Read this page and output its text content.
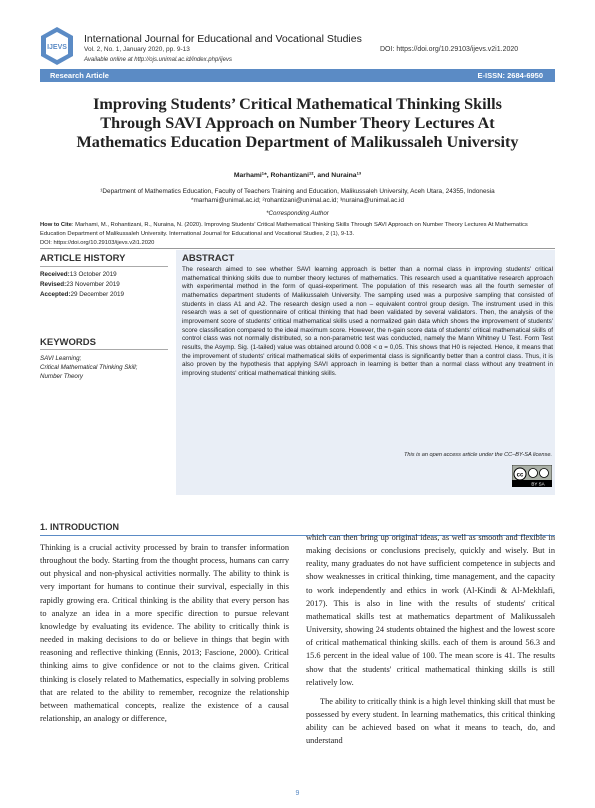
IJEVS
International Journal for Educational and Vocational Studies
Vol. 2, No. 1, January 2020, pp. 9-13
Available online at http://ojs.unimal.ac.id/index.php/ijevs
DOI: https://doi.org/10.29103/ijevs.v2i1.2020
Research Article	E-ISSN: 2684-6950
Improving Students’ Critical Mathematical Thinking Skills
Through SAVI Approach on Number Theory Lectures At
Mathematics Education Department of Malikussaleh University
Marhami¹*, Rohantizani¹², and Nuraina¹³
¹Department of Mathematics Education, Faculty of Teachers Training and Education, Malikussaleh University, Aceh Utara, 24355, Indonesia
*marhami@unimal.ac.id; ²rohantizani@unimal.ac.id; ³nuraina@unimal.ac.id
*Corresponding Author
How to Cite: Marhami, M., Rohantizani, R., Nuraina, N. (2020). Improving Students’ Critical Mathematical Thinking Skills Through SAVI Approach on Number Theory Lectures At Mathematics Education Department of Malikussaleh University. International Journal for Educational and Vocational Studies, 2 (1), 9-13.
DOI: https://doi.org/10.29103/ijevs.v2i1.2020
ARTICLE HISTORY
Received:13 October 2019
Revised:23 November 2019
Accepted:29 December 2019
KEYWORDS
SAVI Learning;
Critical Mathematical Thinking Skill;
Number Theory
ABSTRACT
The research aimed to see whether SAVI learning approach is better than a normal class in improving students' critical mathematical thinking skills due to number theory lectures of mathematics. This research used a quantitative research approach with experimental method in the form of quasi-experiment. The population of this research was all the fourth semester of mathematics department students of Malikussaleh University. The sampling used was a purposive sampling that consisted of students in class A1 and A2. The research design used a non – equivalent control group design. The instrument used in this research was a set of questionnaire of critical thinking that had been validated by several validators. Then, the analysis of the improvement score of students' critical mathematical skills used a normalized gain data which shows the improvement of students' score classification compared to the ideal maximum score. However, the n-gain score data of students' critical mathematical skills of control class was not normally distributed, so a non-parametric test was conducted, namely the Mann Whitney U Test. Form Test results, the Asymp. Sig. (1-tailed) value was obtained around 0.008 < α = 0,05. This shows that H0 is rejected. Hence, it means that the improvement of students' critical mathematical skills of experimental class is significantly better than a control class. Thus, it is also proven by the hypothesis that applying SAVI approach in learning is better than a normal class without any treatment in improving students' critical mathematical thinking skills.
This is an open access article under the CC–BY-SA license.
cc
BY SA
1. INTRODUCTION

Thinking is a crucial activity processed by brain to transfer information throughout the body. Starting from the thought process, humans can carry out physical and non-physical activities normally. The ability to think is very important for humans to continue their survival, especially in this rapidly growing era. Critical thinking is the ability that every person has to analyze an idea in a more specific direction to pursue relevant knowledge by evaluating its evidence. The ability to critically think is needed in making decisions to do or believe in things that begin with reasoning and reflective thinking (Ennis, 2013; Fascione, 2000). Critical thinking aims to give confidence or not to the claims given. Critical thinking is closely related to Mathematics, especially in solving problems that are related to the ability to remember, recognize the relationship between mathematical concepts, realize the existence of a causal relationship, an analogy or difference,

which can then bring up original ideas, as well as smooth and flexible in making decisions or conclusions precisely, quickly and wisely. But in reality, many graduates do not have sufficient competence in subjects and show weaknesses in critical thinking, time management, and the capacity to work independently and ethics in work (Al-Kindi & Al-Mekhlafi, 2017). This is also in line with the results of students' critical mathematical skills test at mathematics department of Malikussaleh University, showing 24 students obtained the highest and the lowest score of critical mathematical thinking skills. each of them is around 56.3 and 15.6 percent in the ideal value of 100. The mean score is 41. The results show that the students' critical mathematical thinking skills is still relatively low.

The ability to critically think is a high level thinking skill that must be possessed by every student. In learning mathematics, this critical thinking ability can be achieved based on what it means to teach, do, and understand

9
